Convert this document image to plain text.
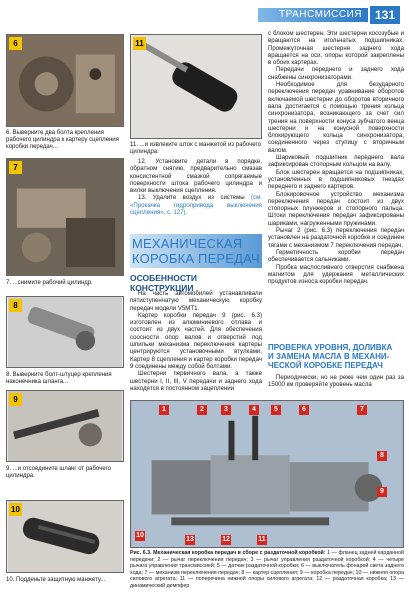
ТРАНСМИССИЯ	131
6
6. Выверните два болта крепления рабочего цилиндра к картеру сцепления коробки передач...
7
7. ...снимите рабочий цилиндр.
8
8. Выверните болт-штуцер крепления наконечника шланга...
9
9. ...и отсоедините шланг от рабочего цилиндра.
10
10. Подденьте защитную манжету...
11
11. ...и извлеките шток с манжетой из рабочего цилиндра.

12. Установите детали в порядке, обратном снятию, предварительно смазав консистентной смазкой сопрягаемые поверхности штока рабочего цилиндра и вилки выключения сцепления.

13. Удалите воздух из системы (см. «Прокачка гидропривода выключения сцепления», с. 127).

МЕХАНИЧЕСКАЯ
КОРОБКА ПЕРЕДАЧ
ОСОБЕННОСТИ КОНСТРУКЦИИ

На часть автомобилей устанавливали пятиступенчатую механическую коробку передач модели V5MT1.

Картер коробки передач 9 (рис. 6.3) изготовлен из алюминиевого сплава и состоит из двух частей. Для обеспечения соосности опор валов и отверстий под шпильки механизма переключения картеры центрируются установочными втулками. Картер 8 сцепления и картер коробки передач 9 соединены между собой болтами.

Шестерни первичного вала, а также шестерни I, II, III, V передачи и заднего хода находятся в постоянном зацеплении

с блоком шестерен. Эти шестерни косозубые и вращаются на игольчатых подшипниках. Промежуточная шестерня заднего хода вращается на оси, опоры которой закреплены в обоих картерах.

Передачи переднего и заднего хода снабжены синхронизаторами.

Необходимое для безударного переключения передач уравнивание оборотов включаемой шестерни до оборотов вторичного вала достигается с помощью трения кольца синхронизатора, возникающего за счет сил трения на поверхности конуса зубчатого венца шестерни и на конусной поверхности блокирующего кольца синхронизатора, соединенного через ступицу с вторичным валом.

Шариковый подшипник переднего вала зафиксирован стопорным кольцом на валу.

Блок шестерен вращается на подшипниках, установленных в подшипниковых гнездах переднего и заднего картеров.

Блокировочное устройство механизма переключения передач состоит из двух стопорных плунжеров и стопорного пальца. Штоки переключения передач зафиксированы шариками, нагруженными пружинами.

Рычаг 2 (рис. 6.3) переключения передач установлен на раздаточной коробке и соединен тягами с механизмом 7 переключения передач.

Герметичность коробки передач обеспечивается сальниками.

Пробка маслосливного отверстия снабжена магнитом для удержания металлических продуктов износа коробки передач.

ПРОВЕРКА УРОВНЯ, ДОЛИВКА
И ЗАМЕНА МАСЛА В МЕХАНИ-
ЧЕСКОЙ КОРОБКЕ ПЕРЕДАЧ

Периодически, но не реже чем один раз за 15000 км проверяйте уровень масла

1	2	3	4	5	6	7
8
9
10
11
12
13
Рис. 6.3. Механическая коробка передач в сборе с раздаточной коробкой: 1 — фланец задней карданной передачи; 2 — рычаг переключения передач; 3 — рычаг управления раздаточной коробкой; 4 — четыре рычага управления трансмиссией; 5 — датчик раздаточной коробки; 6 — выключатель фонарей света заднего хода; 7 — механизм переключения передач; 8 — картер сцепления; 9 — коробка передач; 10 — нижняя опора силового агрегата; 11 — поперечина нижней опоры силового агрегата; 12 — раздаточная коробка; 13 — динамический демпфер
